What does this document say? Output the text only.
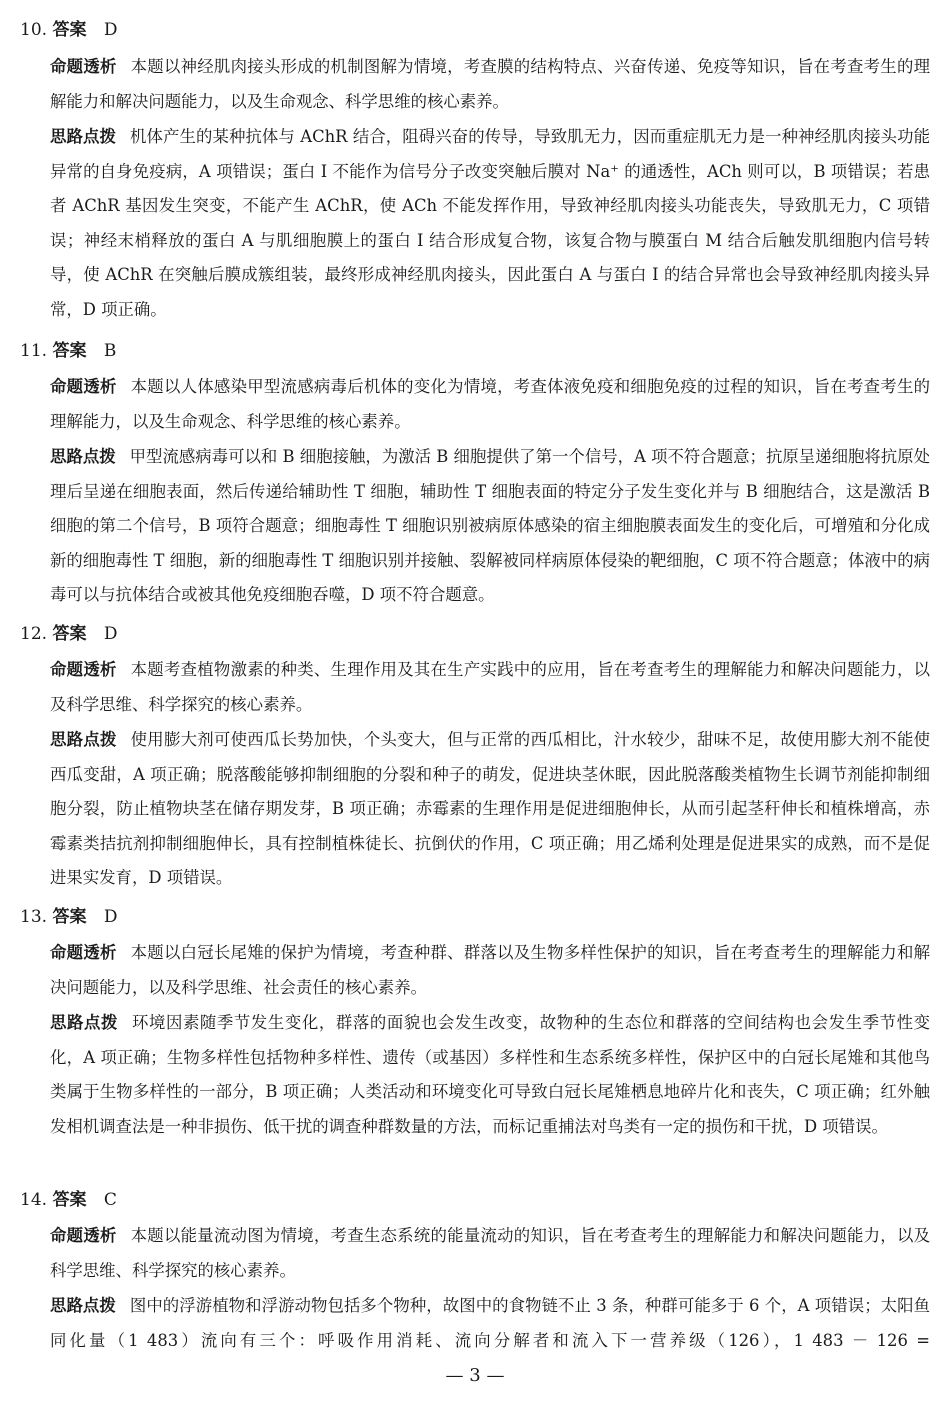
10. 答案 D
命题透析 本题以神经肌肉接头形成的机制图解为情境，考查膜的结构特点、兴奋传递、免疫等知识，旨在考查考生的理解能力和解决问题能力，以及生命观念、科学思维的核心素养。
思路点拨 机体产生的某种抗体与 AChR 结合，阻碍兴奋的传导，导致肌无力，因而重症肌无力是一种神经肌肉接头功能异常的自身免疫病，A 项错误；蛋白 I 不能作为信号分子改变突触后膜对 Na⁺ 的通透性，ACh 则可以，B 项错误；若患者 AChR 基因发生突变，不能产生 AChR，使 ACh 不能发挥作用，导致神经肌肉接头功能丧失，导致肌无力，C 项错误；神经末梢释放的蛋白 A 与肌细胞膜上的蛋白 I 结合形成复合物，该复合物与膜蛋白 M 结合后触发肌细胞内信号转导，使 AChR 在突触后膜成簇组装，最终形成神经肌肉接头，因此蛋白 A 与蛋白 I 的结合异常也会导致神经肌肉接头异常，D 项正确。
11. 答案 B
命题透析 本题以人体感染甲型流感病毒后机体的变化为情境，考查体液免疫和细胞免疫的过程的知识，旨在考查考生的理解能力，以及生命观念、科学思维的核心素养。
思路点拨 甲型流感病毒可以和 B 细胞接触，为激活 B 细胞提供了第一个信号，A 项不符合题意；抗原呈递细胞将抗原处理后呈递在细胞表面，然后传递给辅助性 T 细胞，辅助性 T 细胞表面的特定分子发生变化并与 B 细胞结合，这是激活 B 细胞的第二个信号，B 项符合题意；细胞毒性 T 细胞识别被病原体感染的宿主细胞膜表面发生的变化后，可增殖和分化成新的细胞毒性 T 细胞，新的细胞毒性 T 细胞识别并接触、裂解被同样病原体侵染的靶细胞，C 项不符合题意；体液中的病毒可以与抗体结合或被其他免疫细胞吞噬，D 项不符合题意。
12. 答案 D
命题透析 本题考查植物激素的种类、生理作用及其在生产实践中的应用，旨在考查考生的理解能力和解决问题能力，以及科学思维、科学探究的核心素养。
思路点拨 使用膨大剂可使西瓜长势加快，个头变大，但与正常的西瓜相比，汁水较少，甜味不足，故使用膨大剂不能使西瓜变甜，A 项正确；脱落酸能够抑制细胞的分裂和种子的萌发，促进块茎休眠，因此脱落酸类植物生长调节剂能抑制细胞分裂，防止植物块茎在储存期发芽，B 项正确；赤霉素的生理作用是促进细胞伸长，从而引起茎秆伸长和植株增高，赤霉素类拮抗剂抑制细胞伸长，具有控制植株徒长、抗倒伏的作用，C 项正确；用乙烯利处理是促进果实的成熟，而不是促进果实发育，D 项错误。
13. 答案 D
命题透析 本题以白冠长尾雉的保护为情境，考查种群、群落以及生物多样性保护的知识，旨在考查考生的理解能力和解决问题能力，以及科学思维、社会责任的核心素养。
思路点拨 环境因素随季节发生变化，群落的面貌也会发生改变，故物种的生态位和群落的空间结构也会发生季节性变化，A 项正确；生物多样性包括物种多样性、遗传（或基因）多样性和生态系统多样性，保护区中的白冠长尾雉和其他鸟类属于生物多样性的一部分，B 项正确；人类活动和环境变化可导致白冠长尾雉栖息地碎片化和丧失，C 项正确；红外触发相机调查法是一种非损伤、低干扰的调查种群数量的方法，而标记重捕法对鸟类有一定的损伤和干扰，D 项错误。
14. 答案 C
命题透析 本题以能量流动图为情境，考查生态系统的能量流动的知识，旨在考查考生的理解能力和解决问题能力，以及科学思维、科学探究的核心素养。
思路点拨 图中的浮游植物和浮游动物包括多个物种，故图中的食物链不止 3 条，种群可能多于 6 个，A 项错误；太阳鱼同化量（1 483）流向有三个：呼吸作用消耗、流向分解者和流入下一营养级（126），1 483 － 126 =
— 3 —
